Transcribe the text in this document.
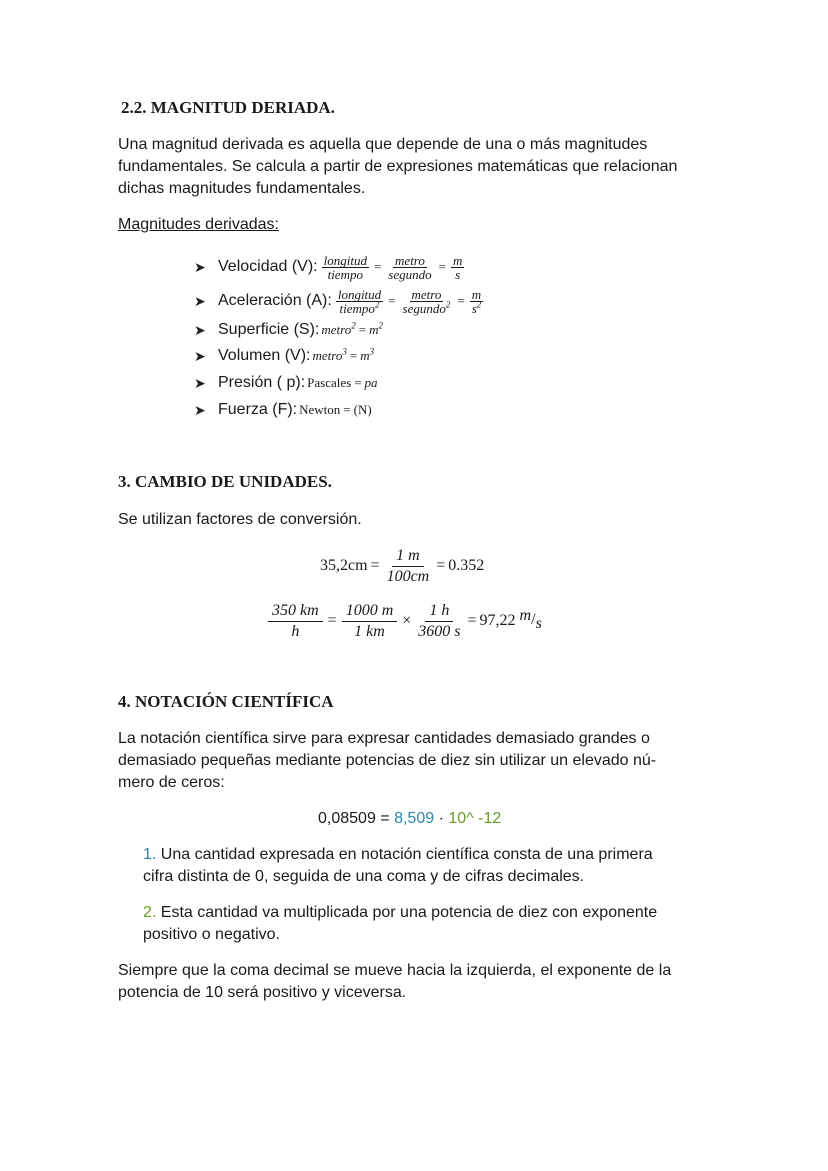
2.2. MAGNITUD DERIADA.
Una magnitud derivada es aquella que depende de una o más magnitudes
fundamentales. Se calcula a partir de expresiones matemáticas que relacionan
dichas magnitudes fundamentales.
Magnitudes derivadas:
➤ Velocidad (V): $\frac{\text{longitud}}{\text{tiempo}} = \frac{\text{metro}}{\text{segundo}} = \frac{m}{s}$
➤ Aceleración (A): $\frac{\text{longitud}}{tiempo^2} = \frac{\text{metro}}{segundo^2} = \frac{m}{s^2}$
➤ Superficie (S): metro$^2$ = $m^2$
➤ Volumen (V): metro$^3$ = $m^3$
➤ Presión ( p): Pascales = pa
➤ Fuerza (F): Newton = (N)
3. CAMBIO DE UNIDADES.
Se utilizan factores de conversión.
$35,2cm = \frac{1 m}{100cm} = 0.352$
$\frac{350 km}{h} = \frac{1000 m}{1 km} \times \frac{1 h}{3600 s} = 97,22$ m / s
4. NOTACIÓN CIENTÍFICA
La notación científica sirve para expresar cantidades demasiado grandes o
demasiado pequeñas mediante potencias de diez sin utilizar un elevado nú-
mero de ceros:
0,08509 = 8,509 · 10^ -12
1. Una cantidad expresada en notación científica consta de una primera
cifra distinta de 0, seguida de una coma y de cifras decimales.
2. Esta cantidad va multiplicada por una potencia de diez con exponente
positivo o negativo.
Siempre que la coma decimal se mueve hacia la izquierda, el exponente de la
potencia de 10 será positivo y viceversa.
